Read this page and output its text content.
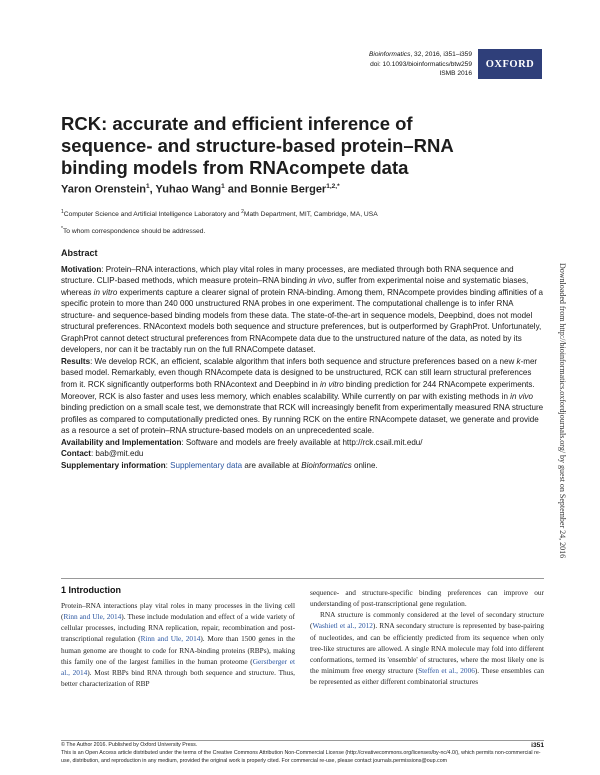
Bioinformatics, 32, 2016, i351–i359
doi: 10.1093/bioinformatics/btw259
ISMB 2016
OXFORD
RCK: accurate and efficient inference of sequence- and structure-based protein–RNA binding models from RNAcompete data
Yaron Orenstein$^1$, Yuhao Wang$^1$ and Bonnie Berger$^{1,2,*}$
$^1$Computer Science and Artificial Intelligence Laboratory and $^2$Math Department, MIT, Cambridge, MA, USA
*To whom correspondence should be addressed.
Abstract

Motivation: Protein–RNA interactions, which play vital roles in many processes, are mediated through both RNA sequence and structure. CLIP-based methods, which measure protein–RNA binding in vivo, suffer from experimental noise and systematic biases, whereas in vitro experiments capture a clearer signal of protein RNA-binding. Among them, RNAcompete provides binding affinities of a specific protein to more than 240 000 unstructured RNA probes in one experiment. The computational challenge is to infer RNA structure- and sequence-based binding models from these data. The state-of-the-art in sequence models, Deepbind, does not model structural preferences. RNAcontext models both sequence and structure preferences, but is outperformed by GraphProt. Unfortunately, GraphProt cannot detect structural preferences from RNAcompete data due to the unstructured nature of the data, as noted by its developers, nor can it be tractably run on the full RNACompete dataset.

Results: We develop RCK, an efficient, scalable algorithm that infers both sequence and structure preferences based on a new k-mer based model. Remarkably, even though RNAcompete data is designed to be unstructured, RCK can still learn structural preferences from it. RCK significantly outperforms both RNAcontext and Deepbind in in vitro binding prediction for 244 RNAcompete experiments. Moreover, RCK is also faster and uses less memory, which enables scalability. While currently on par with existing methods in in vivo binding prediction on a small scale test, we demonstrate that RCK will increasingly benefit from experimentally measured RNA structure profiles as compared to computationally predicted ones. By running RCK on the entire RNAcompete dataset, we generate and provide as a resource a set of protein–RNA structure-based models on an unprecedented scale.

Availability and Implementation: Software and models are freely available at http://rck.csail.mit.edu/

Contact: bab@mit.edu

Supplementary information: Supplementary data are available at Bioinformatics online.

1 Introduction

Protein–RNA interactions play vital roles in many processes in the living cell (Rinn and Ule, 2014). These include modulation and effect of a wide variety of cellular processes, including RNA replication, repair, recombination and post-transcriptional regulation (Rinn and Ule, 2014). More than 1500 genes in the human genome are thought to code for RNA-binding proteins (RBPs), making this family one of the largest families in the human proteome (Gerstberger et al., 2014). Most RBPs bind RNA through both sequence and structure. Thus, better characterization of RBP

sequence- and structure-specific binding preferences can improve our understanding of post-transcriptional gene regulation.

RNA structure is commonly considered at the level of secondary structure (Washietl et al., 2012). RNA secondary structure is represented by base-pairing of nucleotides, and can be efficiently predicted from its sequence when only tree-like structures are allowed. A single RNA molecule may fold into different conformations, termed its 'ensemble' of structures, where the most likely one is the minimum free energy structure (Steffen et al., 2006). These ensembles can be represented as either different combinatorial structures

© The Author 2016. Published by Oxford University Press.

This is an Open Access article distributed under the terms of the Creative Commons Attribution Non-Commercial License (http://creativecommons.org/licenses/by-nc/4.0/), which permits non-commercial re-use, distribution, and reproduction in any medium, provided the original work is properly cited. For commercial re-use, please contact journals.permissions@oup.com

i351
Downloaded from http://bioinformatics.oxfordjournals.org/ by guest on September 24, 2016
